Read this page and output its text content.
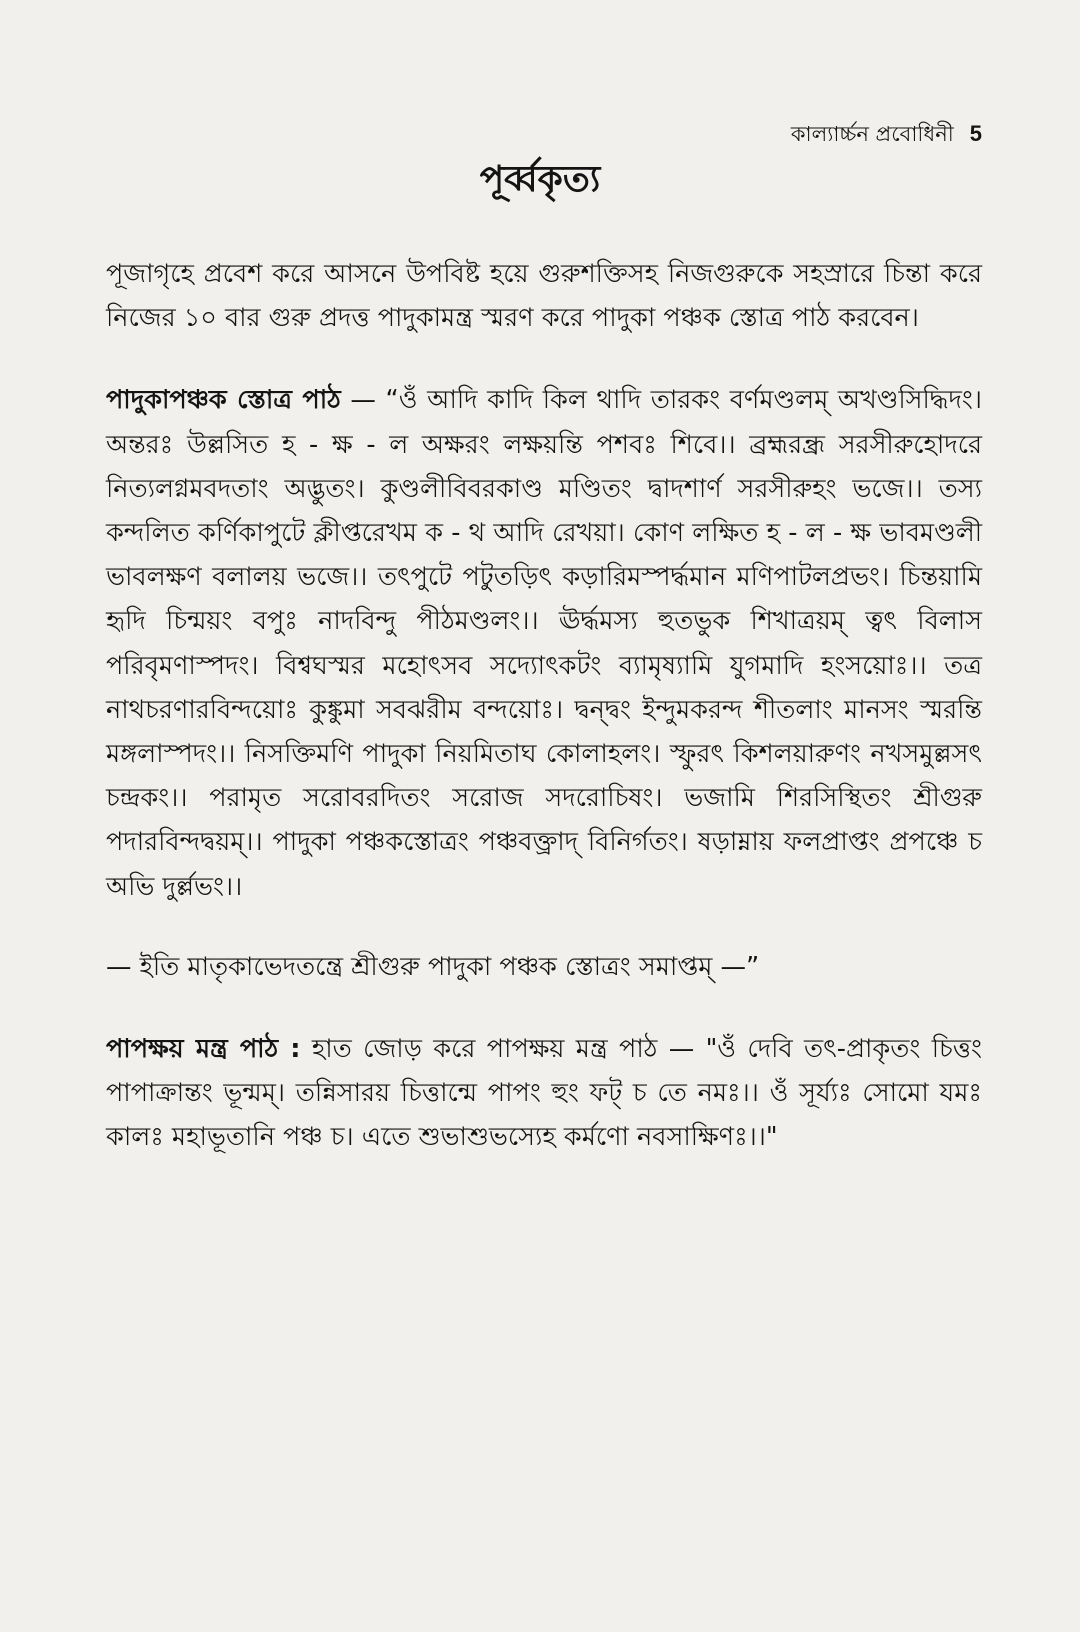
কাল্যার্চ্চন প্রবোধিনী 5
পূর্ব্বকৃত্য

পূজাগৃহে প্রবেশ করে আসনে উপবিষ্ট হয়ে গুরুশক্তিসহ নিজগুরুকে সহস্রারে চিন্তা করে নিজের ১০ বার গুরু প্রদত্ত পাদুকামন্ত্র স্মরণ করে পাদুকা পঞ্চক স্তোত্র পাঠ করবেন।

পাদুকাপঞ্চক স্তোত্র পাঠ — “ওঁ আদি কাদি কিল থাদি তারকং বর্ণমণ্ডলম্ অখণ্ডসিদ্ধিদং। অন্তরঃ উল্লসিত হ - ক্ষ - ল অক্ষরং লক্ষয়ন্তি পশবঃ শিবে।। ব্রহ্মরন্ধ্র সরসীরুহোদরে নিত্যলগ্নমবদতাং অদ্ভুতং। কুণ্ডলীবিবরকাণ্ড মণ্ডিতং দ্বাদশার্ণ সরসীরুহং ভজে।। তস্য কন্দলিত কর্ণিকাপুটে ক্লীপ্তরেখম ক - থ আদি রেখয়া। কোণ লক্ষিত হ - ল - ক্ষ ভাবমণ্ডলী ভাবলক্ষণ বলালয় ভজে।। তৎপুটে পটুতড়িৎ কড়ারিমস্পর্দ্ধমান মণিপাটলপ্রভং। চিন্তয়ামি হৃদি চিন্ময়ং বপুঃ নাদবিন্দু পীঠমণ্ডলং।। ঊর্দ্ধমস্য হুতভুক শিখাত্রয়ম্ ত্বৎ বিলাস পরিবৃমণাস্পদং। বিশ্বঘস্মর মহোৎসব সদ্যোৎকটং ব্যামৃষ্যামি যুগমাদি হংসয়োঃ।। তত্র নাথচরণারবিন্দয়োঃ কুঙ্কুমা সবঝরীম বন্দয়োঃ। দ্বন্দ্বং ইন্দুমকরন্দ শীতলাং মানসং স্মরন্তি মঙ্গলাস্পদং।। নিসক্তিমণি পাদুকা নিয়মিতাঘ কোলাহলং। স্ফুরৎ কিশলয়ারুণং নখসমুল্লসৎ চন্দ্রকং।। পরামৃত সরোবরদিতং সরোজ সদরোচিষং। ভজামি শিরসিস্থিতং শ্রীগুরু পদারবিন্দদ্বয়ম্।। পাদুকা পঞ্চকস্তোত্রং পঞ্চবক্ত্রাদ্ বিনির্গতং। ষড়াম্নায় ফলপ্রাপ্তং প্রপঞ্চে চ অভি দুর্ল্লভং।।

— ইতি মাতৃকাভেদতন্ত্রে শ্রীগুরু পাদুকা পঞ্চক স্তোত্রং সমাপ্তম্ —”

পাপক্ষয় মন্ত্র পাঠ : হাত জোড় করে পাপক্ষয় মন্ত্র পাঠ — "ওঁ দেবি তৎ-প্রাকৃতং চিত্তং পাপাক্রান্তং ভূন্মম্। তন্নিসারয় চিত্তান্মে পাপং হুং ফট্‌ চ তে নমঃ।। ওঁ সূর্য্যঃ সোমো যমঃ কালঃ মহাভূতানি পঞ্চ চ। এতে শুভাশুভস্যেহ কর্মণো নবসাক্ষিণঃ।।"
